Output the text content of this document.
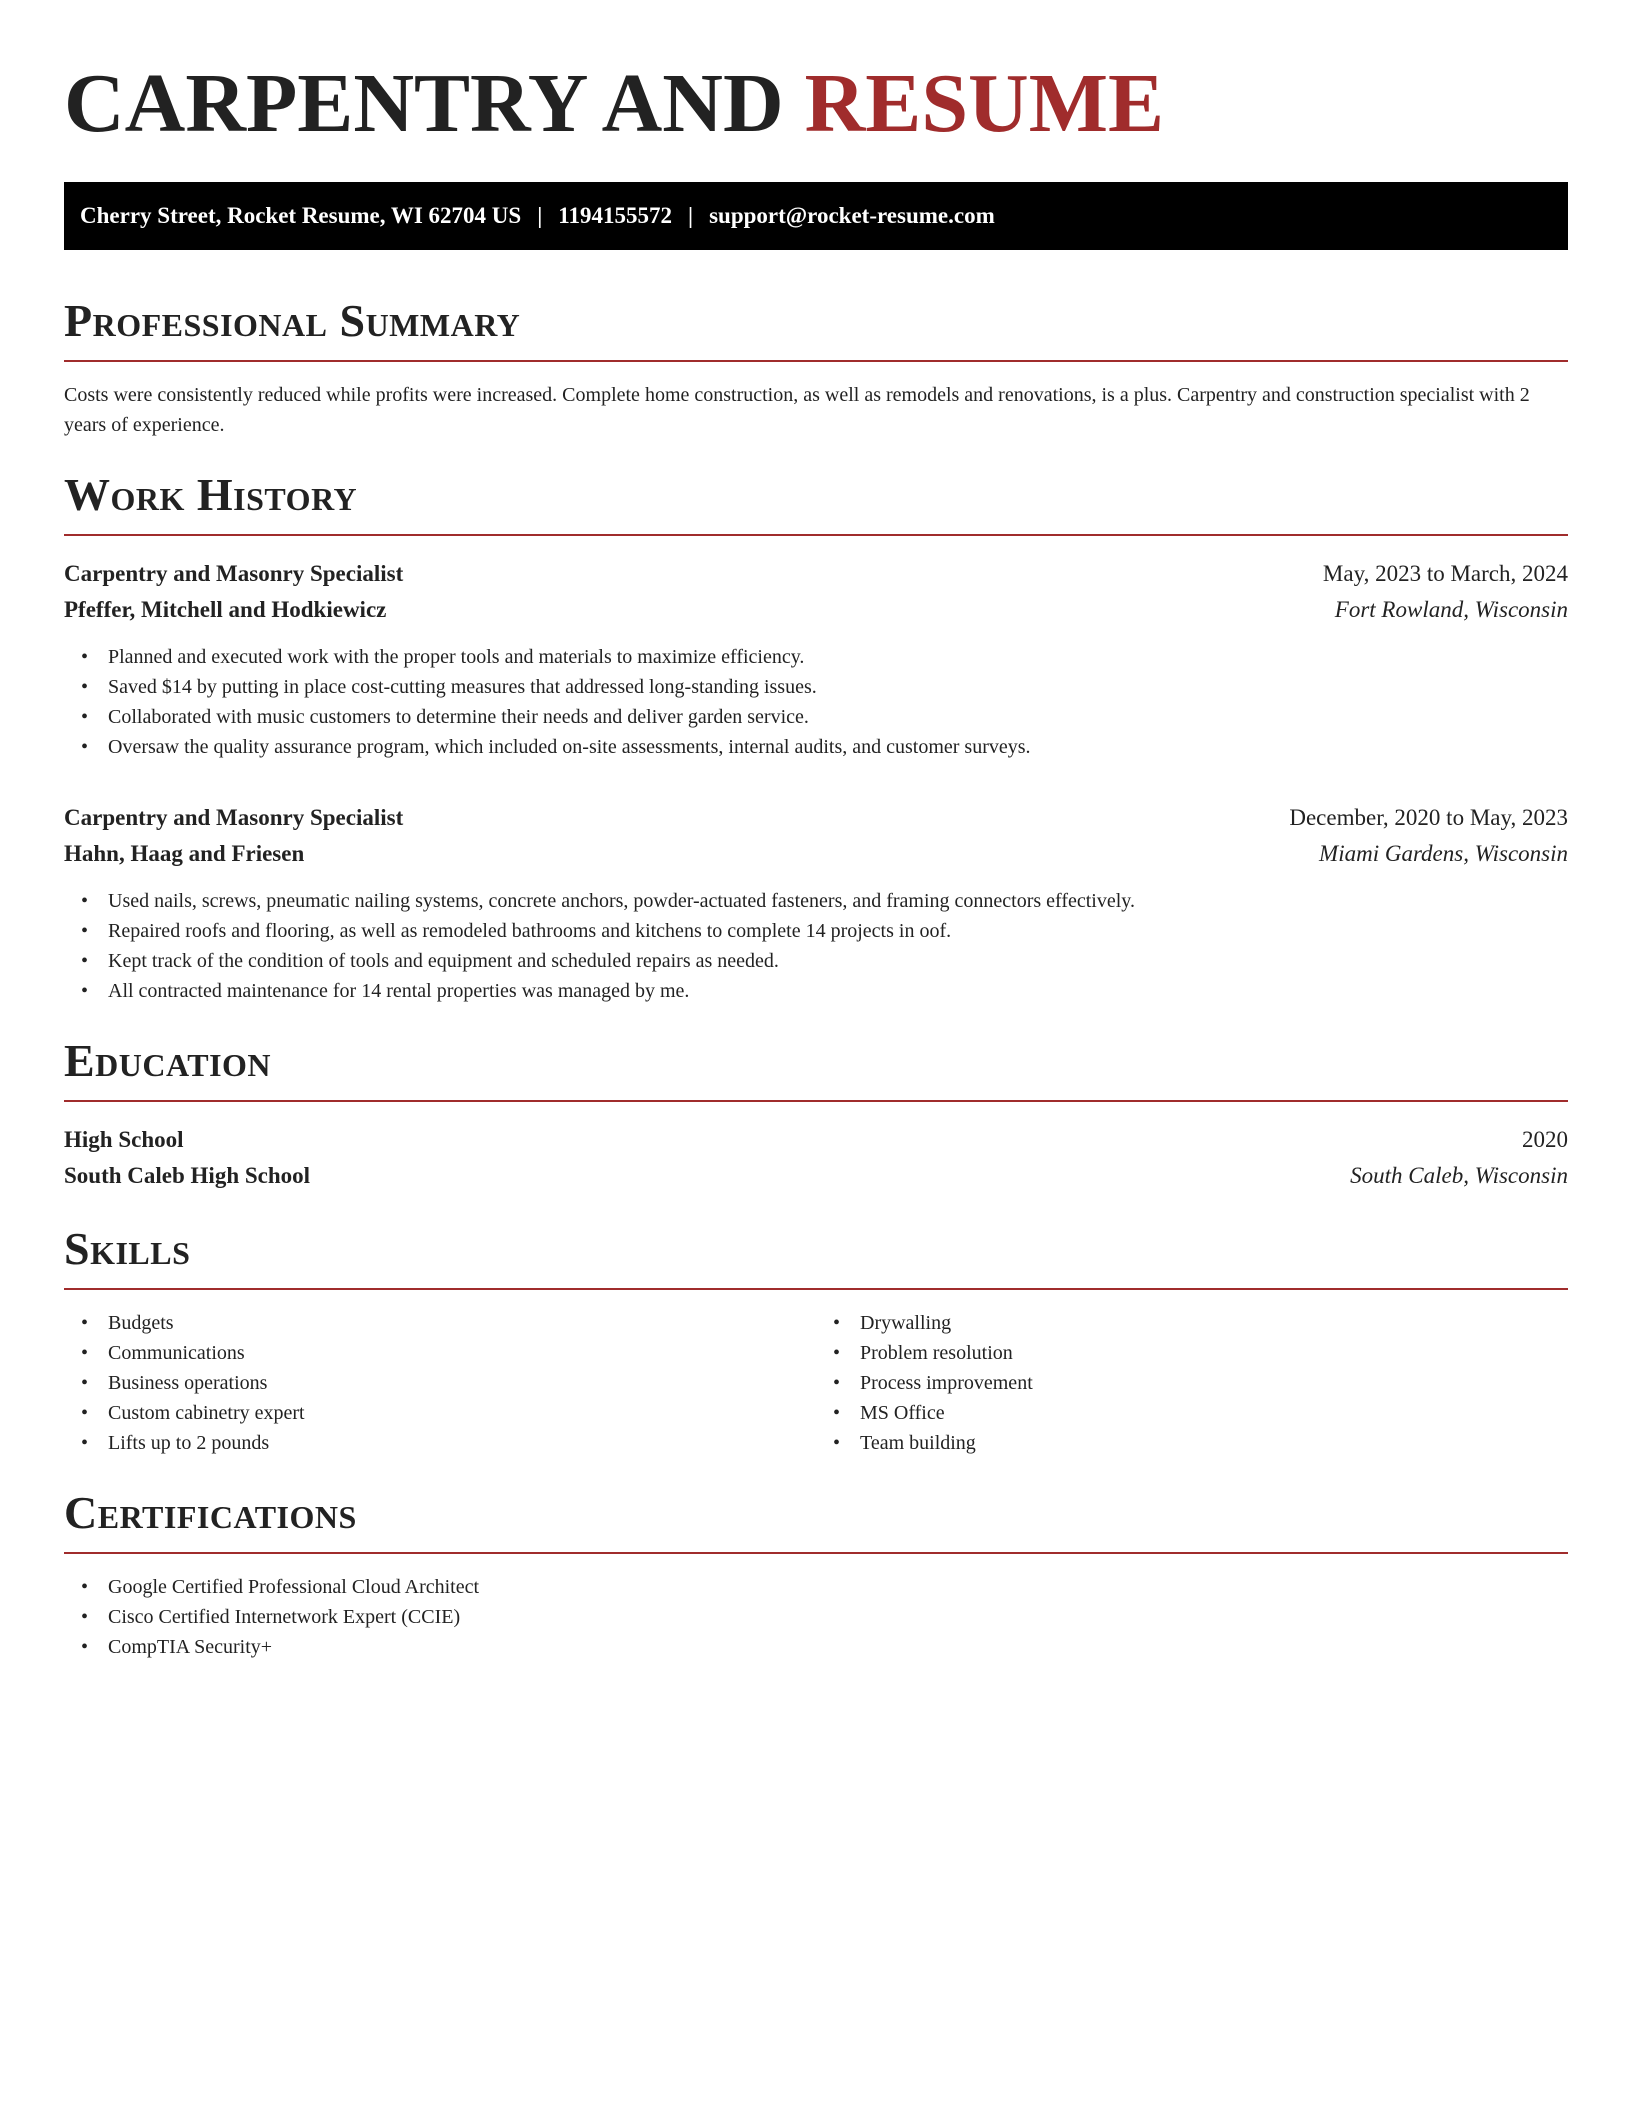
CARPENTRY AND RESUME
Cherry Street, Rocket Resume, WI 62704 US | 1194155572 | support@rocket-resume.com
Professional Summary

Costs were consistently reduced while profits were increased. Complete home construction, as well as remodels and renovations, is a plus. Carpentry and construction specialist with 2 years of experience.

Work History
Carpentry and Masonry Specialist	May, 2023 to March, 2024
Pfeffer, Mitchell and Hodkiewicz	Fort Rowland, Wisconsin
• Planned and executed work with the proper tools and materials to maximize efficiency.
• Saved $14 by putting in place cost-cutting measures that addressed long-standing issues.
• Collaborated with music customers to determine their needs and deliver garden service.
• Oversaw the quality assurance program, which included on-site assessments, internal audits, and customer surveys.
Carpentry and Masonry Specialist	December, 2020 to May, 2023
Hahn, Haag and Friesen	Miami Gardens, Wisconsin
• Used nails, screws, pneumatic nailing systems, concrete anchors, powder-actuated fasteners, and framing connectors effectively.
• Repaired roofs and flooring, as well as remodeled bathrooms and kitchens to complete 14 projects in oof.
• Kept track of the condition of tools and equipment and scheduled repairs as needed.
• All contracted maintenance for 14 rental properties was managed by me.
Education
High School	2020
South Caleb High School	South Caleb, Wisconsin
Skills
• Budgets
• Communications
• Business operations
• Custom cabinetry expert
• Lifts up to 2 pounds
• Drywalling
• Problem resolution
• Process improvement
• MS Office
• Team building
Certifications
• Google Certified Professional Cloud Architect
• Cisco Certified Internetwork Expert (CCIE)
• CompTIA Security+
